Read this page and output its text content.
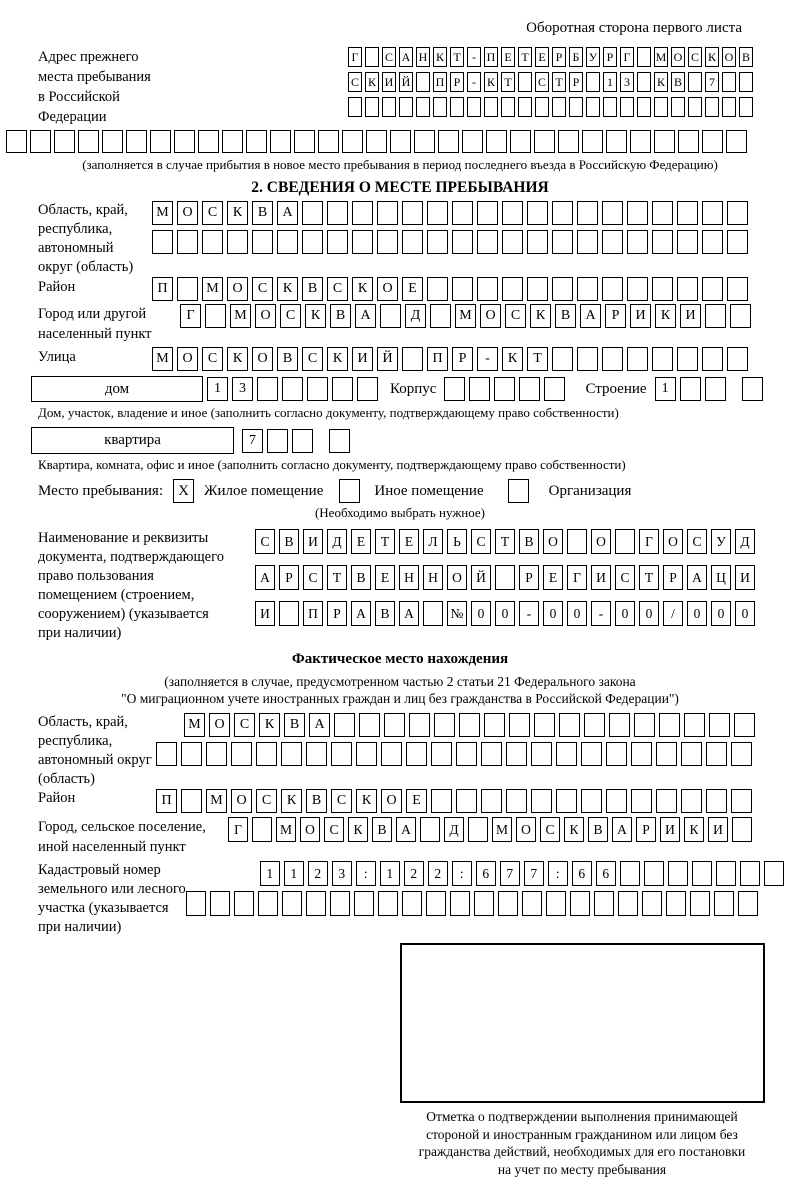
Оборотная сторона первого листа
Адрес прежнего
места пребывания
в Российской
Федерации
Г С А Н К Т - П Е Т Е Р Б У Р Г М О С К О В
С К И Й П Р - К Т С Т Р	1 3	К В	7
(заполняется в случае прибытия в новое место пребывания в период последнего въезда в Российскую Федерацию)
2. СВЕДЕНИЯ О МЕСТЕ ПРЕБЫВАНИЯ
Область, край,
республика,
автономный
округ (область)
М О	С	К	В	А
Район	П	М О	С	К	В	С	К	О	Е
Город или другой
населенный пункт
Г	М О	С	К	В	А	Д	М О	С	К	В	А	Р	И	К	И
Улица	М О	С	К	О	В	С	К	И	Й	П	Р	-	К	Т
дом	1	3	Корпус	Строение	1
Дом, участок, владение и иное (заполнить согласно документу, подтверждающему право собственности)
квартира	7
Квартира, комната, офис и иное (заполнить согласно документу, подтверждающему право собственности)
Место пребывания:	X	Жилое помещение	Иное помещение	Организация
(Необходимо выбрать нужное)
Наименование и реквизиты
документа, подтверждающего
право пользования
помещением (строением,
сооружением) (указывается
при наличии)
С	В	И	Д	Е	Т	Е	Л	Ь	С	Т	В	О	О	Г	О	С	У	Д
А	Р	С	Т	В	Е	Н	Н	О	Й	Р	Е	Г	И	С	Т	Р	А	Ц	И
И	П	Р	А	В	А	№	0	0	-	0	0	-	0	0	/	0	0	0
Фактическое место нахождения
(заполняется в случае, предусмотренном частью 2 статьи 21 Федерального закона
"О миграционном учете иностранных граждан и лиц без гражданства в Российской Федерации")
Область, край,
республика,
автономный округ
(область)
М О	С	К	В	А
Район	П	М О	С	К	В	С	К	О	Е
Город, сельское поселение,
иной населенный пункт
Г	М О	С	К	В	А	Д	М О	С	К	В	А	Р	И	К	И
Кадастровый номер
земельного или лесного
участка (указывается
при наличии)
1	1	2	3	:	1	2	2	:	6	7	7	:	6	6
Отметка о подтверждении выполнения принимающей
стороной и иностранным гражданином или лицом без
гражданства действий, необходимых для его постановки
на учет по месту пребывания
